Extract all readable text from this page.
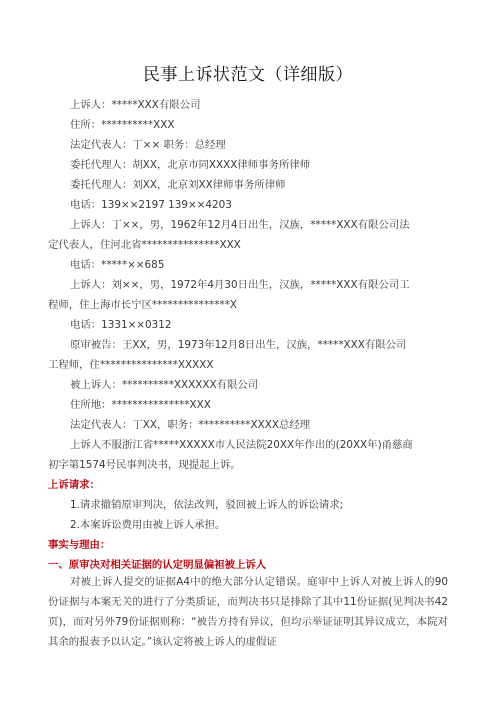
民事上诉状范文（详细版）

上诉人：*****XXX有限公司

住所：**********XXX

法定代表人：丁×× 职务：总经理

委托代理人：胡XX，北京市同XXXX律师事务所律师

委托代理人：刘XX，北京刘XX律师事务所律师

电话：139××2197 139××4203

上诉人：丁××，男，1962年12月4日出生，汉族，*****XXX有限公司法

定代表人，住河北省***************XXX

电话：*****××685

上诉人：刘××，男，1972年4月30日出生，汉族，*****XXX有限公司工

程师，住上海市长宁区***************X

电话：1331××0312

原审被告：王XX，男，1973年12月8日出生，汉族，*****XXX有限公司

工程师，住***************XXXXX

被上诉人：**********XXXXXX有限公司

住所地：***************XXX

法定代表人：丁XX，职务：**********XXXX总经理

上诉人不服浙江省*****XXXXX市人民法院20XX年作出的(20XX年)甬慈商

初字第1574号民事判决书，现提起上诉。

上诉请求：

1.请求撤销原审判决，依法改判，驳回被上诉人的诉讼请求;

2.本案诉讼费用由被上诉人承担。

事实与理由：

一、原审决对相关证据的认定明显偏袒被上诉人

对被上诉人提交的证据A4中的绝大部分认定错误。庭审中上诉人对被上诉人的90份证据与本案无关的进行了分类质证，而判决书只是排除了其中11份证据(见判决书42页)，而对另外79份证据则称：“被告方持有异议，但均示举证证明其异议成立，本院对其余的报表予以认定。”该认定将被上诉人的虚假证
